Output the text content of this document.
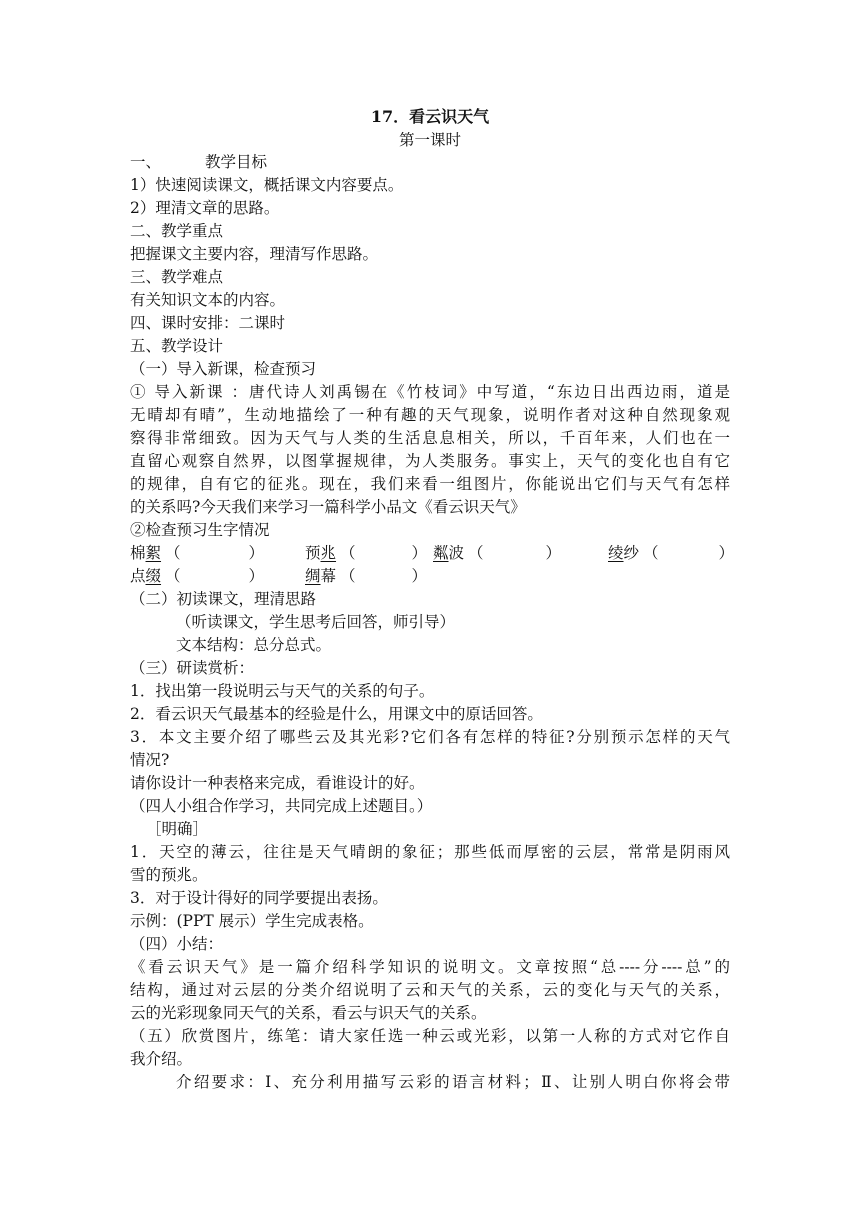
17．看云识天气
第一课时
一、	教学目标
1）快速阅读课文，概括课文内容要点。
2）理清文章的思路。
二、教学重点
把握课文主要内容，理清写作思路。
三、教学难点
有关知识文本的内容。
四、课时安排：二课时
五、教学设计
（一）导入新课，检查预习
① 导入新课 ：唐代诗人刘禹锡在《竹枝词》中写道，“东边日出西边雨，道是
无晴却有晴”，生动地描绘了一种有趣的天气现象，说明作者对这种自然现象观
察得非常细致。因为天气与人类的生活息息相关，所以，千百年来，人们也在一
直留心观察自然界，以图掌握规律，为人类服务。事实上，天气的变化也自有它
的规律，自有它的征兆。现在，我们来看一组图片，你能说出它们与天气有怎样
的关系吗?今天我们来学习一篇科学小品文《看云识天气》
②检查预习生字情况
棉絮 （	）	预兆 （	） 粼波 （	）	绫纱 （	）
点缀 （	）	绸幕 （	）
（二）初读课文，理清思路
（听读课文，学生思考后回答，师引导）
文本结构：总分总式。
（三）研读赏析：
1．找出第一段说明云与天气的关系的句子。
2．看云识天气最基本的经验是什么，用课文中的原话回答。
3．本文主要介绍了哪些云及其光彩?它们各有怎样的特征?分别预示怎样的天气
情况?
请你设计一种表格来完成，看谁设计的好。
（四人小组合作学习，共同完成上述题目。）
［明确］
1．天空的薄云，往往是天气晴朗的象征；那些低而厚密的云层，常常是阴雨风
雪的预兆。
3．对于设计得好的同学要提出表扬。
示例：(PPT 展示）学生完成表格。
（四）小结：
《看云识天气》是一篇介绍科学知识的说明文。文章按照“总----分----总”的
结构，通过对云层的分类介绍说明了云和天气的关系，云的变化与天气的关系，
云的光彩现象同天气的关系，看云与识天气的关系。
（五）欣赏图片，练笔：请大家任选一种云或光彩，以第一人称的方式对它作自
我介绍。
介绍要求：Ⅰ、充分利用描写云彩的语言材料；Ⅱ、让别人明白你将会带
